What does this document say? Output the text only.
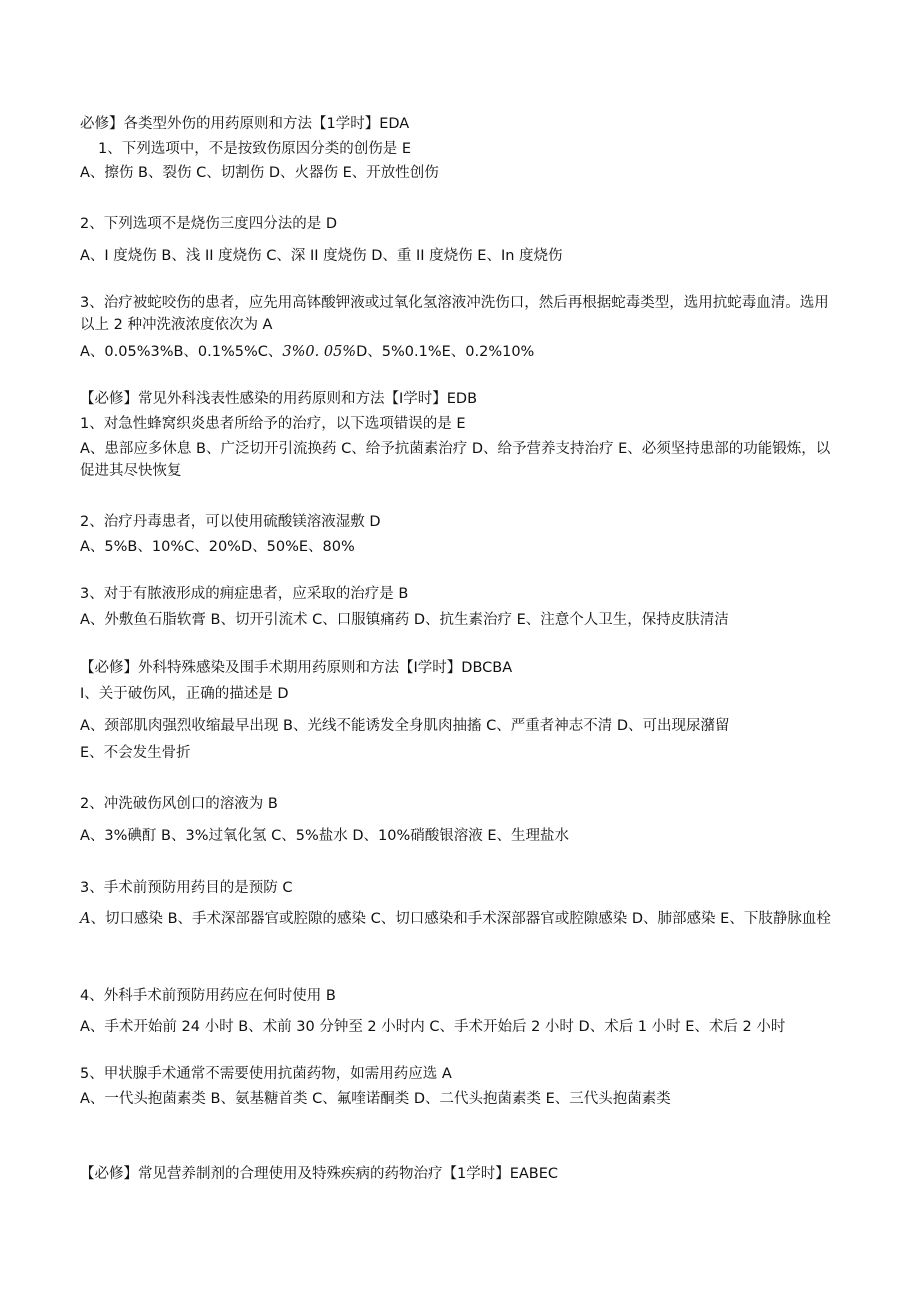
必修】各类型外伤的用药原则和方法【1学时】EDA
1、下列选项中，不是按致伤原因分类的创伤是 E
A、擦伤 B、裂伤 C、切割伤 D、火器伤 E、开放性创伤
2、下列选项不是烧伤三度四分法的是 D
A、I 度烧伤 B、浅 II 度烧伤 C、深 II 度烧伤 D、重 II 度烧伤 E、In 度烧伤
3、治疗被蛇咬伤的患者，应先用高钵酸钾液或过氧化氢溶液冲洗伤口，然后再根据蛇毒类型，选用抗蛇毒血清。选用以上 2 种冲洗液浓度依次为 A
A、0.05%3%B、0.1%5%C、3%0. 05%D、5%0.1%E、0.2%10%
【必修】常见外科浅表性感染的用药原则和方法【I学时】EDB
1、对急性蜂窝织炎患者所给予的治疗，以下选项错误的是 E
A、患部应多休息 B、广泛切开引流换药 C、给予抗菌素治疗 D、给予营养支持治疗 E、必须坚持患部的功能锻炼，以促进其尽快恢复
2、治疗丹毒患者，可以使用硫酸镁溶液湿敷 D
A、5%B、10%C、20%D、50%E、80%
3、对于有脓液形成的痈症患者，应采取的治疗是 B
A、外敷鱼石脂软膏 B、切开引流术 C、口服镇痛药 D、抗生素治疗 E、注意个人卫生，保持皮肤清洁
【必修】外科特殊感染及围手术期用药原则和方法【I学时】DBCBA
I、关于破伤风，正确的描述是 D
A、颈部肌肉强烈收缩最早出现 B、光线不能诱发全身肌肉抽搐 C、严重者神志不清 D、可出现尿潴留
E、不会发生骨折
2、冲洗破伤风创口的溶液为 B
A、3%碘酊 B、3%过氧化氢 C、5%盐水 D、10%硝酸银溶液 E、生理盐水
3、手术前预防用药目的是预防 C
A、切口感染 B、手术深部器官或腔隙的感染 C、切口感染和手术深部器官或腔隙感染 D、肺部感染 E、下肢静脉血栓
4、外科手术前预防用药应在何时使用 B
A、手术开始前 24 小时 B、术前 30 分钟至 2 小时内 C、手术开始后 2 小时 D、术后 1 小时 E、术后 2 小时
5、甲状腺手术通常不需要使用抗菌药物，如需用药应选 A
A、一代头抱菌素类 B、氨基糖首类 C、氟喹诺酮类 D、二代头抱菌素类 E、三代头抱菌素类
【必修】常见营养制剂的合理使用及特殊疾病的药物治疗【1学时】EABEC
